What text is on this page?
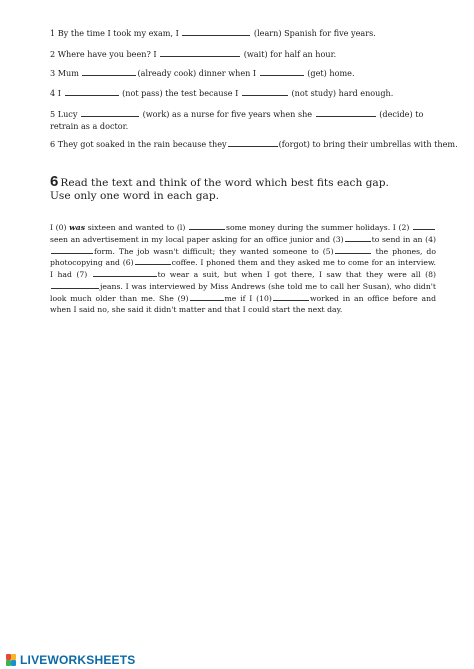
1 By the time I took my exam, I	(learn) Spanish for five years.
2 Where have you been? I	(wait) for half an hour.
3 Mum	(already cook) dinner when I	(get) home.
4 I	(not pass) the test because I	(not study) hard enough.
5 Lucy	(work) as a nurse for five years when she	(decide) to retrain as a doctor.
6 They got soaked in the rain because they	(forgot) to bring their umbrellas with them.
6 Read the text and think of the word which best fits each gap.
Use only one word in each gap.
I (0) was sixteen and wanted to (l)	some money during the summer holidays. I (2)  seen an advertisement in my local paper asking for an office junior and (3)	to send in an (4)form. The job wasn't difficult; they wanted someone to (5)	the phones, do photocopying and (6)	coffee. I phoned them and they asked me to come for an interview. I had (7)	to wear a suit, but when I got there, I saw that they were all (8) jeans. I was interviewed by Miss Andrews (she told me to call her Susan), who didn't look much older than me. She (9)	me if I (10)	worked in an office before and when I said no, she said it didn't matter and that I could start the next day.
LIVEWORKSHEETS
